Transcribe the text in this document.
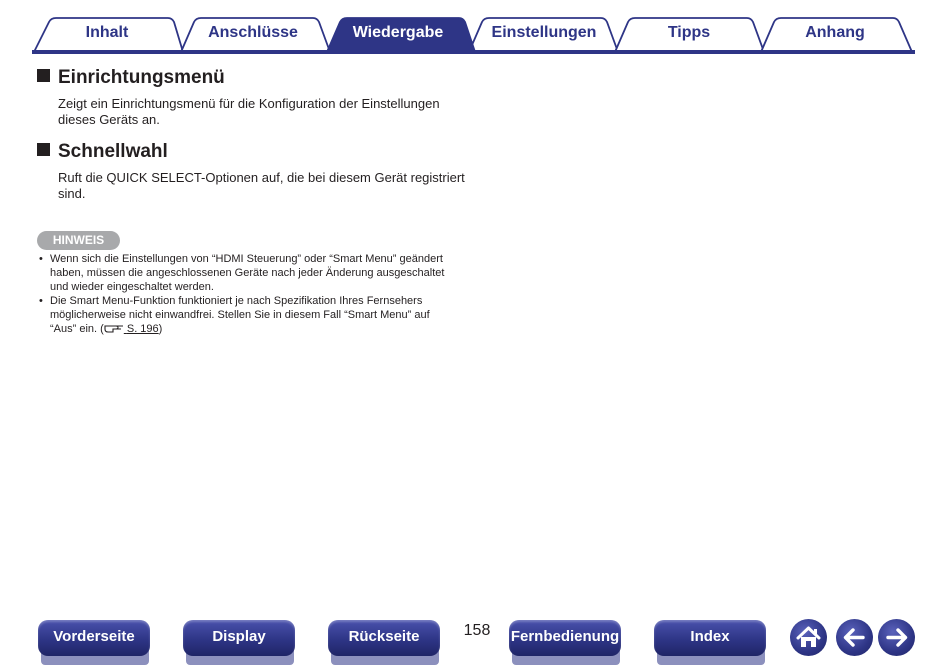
Inhalt	Anschlüsse	Wiedergabe	Einstellungen	Tipps	Anhang
Einrichtungsmenü
Zeigt ein Einrichtungsmenü für die Konfiguration der Einstellungen
dieses Geräts an.
Schnellwahl
Ruft die QUICK SELECT-Optionen auf, die bei diesem Gerät registriert
sind.
HINWEIS
• Wenn sich die Einstellungen von “HDMI Steuerung” oder “Smart Menu” geändert
haben, müssen die angeschlossenen Geräte nach jeder Änderung ausgeschaltet
und wieder eingeschaltet werden.
• Die Smart Menu-Funktion funktioniert je nach Spezifikation Ihres Fernsehers
möglicherweise nicht einwandfrei. Stellen Sie in diesem Fall “Smart Menu” auf
“Aus” ein. ( S. 196)
Vorderseite	Display	Rückseite	158	Fernbedienung	Index
